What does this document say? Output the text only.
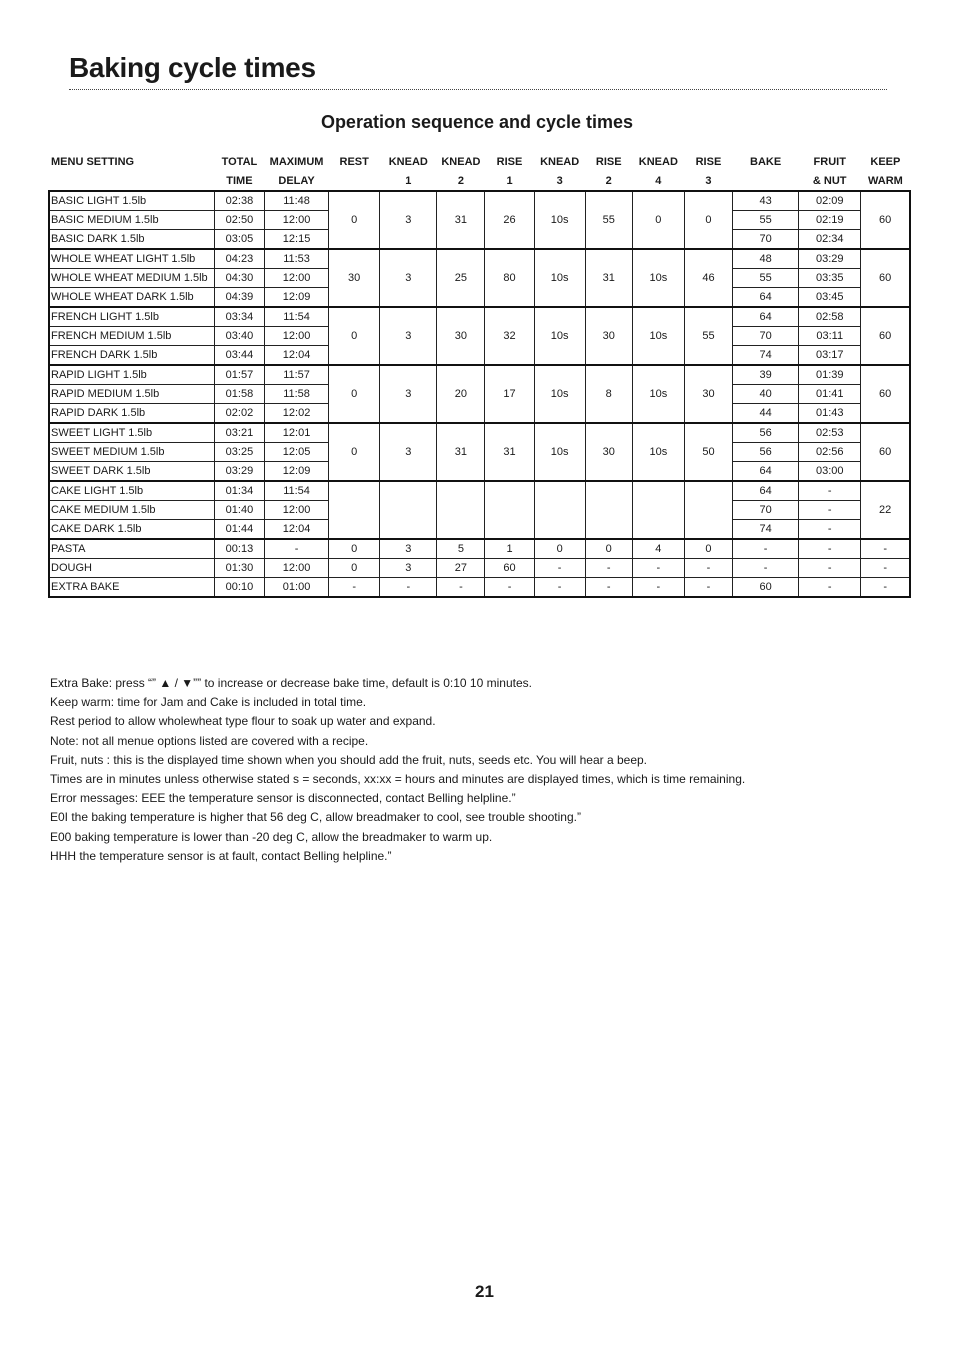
Baking cycle times
Operation sequence and cycle times
MENU SETTING	TOTAL	MAXIMUM	REST	KNEAD	KNEAD	RISE	KNEAD	RISE	KNEAD	RISE	BAKE	FRUIT	KEEP
	TIME	DELAY		1	2	1	3	2	4	3		& NUT	WARM
BASIC LIGHT 1.5lb	02:38	11:48	0	3	31	26	10s	55	0	0	43	02:09	60
BASIC MEDIUM 1.5lb	02:50	12:00									55	02:19	
BASIC DARK 1.5lb	03:05	12:15									70	02:34	
WHOLE WHEAT LIGHT 1.5lb	04:23	11:53	30	3	25	80	10s	31	10s	46	48	03:29	60
WHOLE WHEAT MEDIUM 1.5lb	04:30	12:00									55	03:35	
WHOLE WHEAT DARK 1.5lb	04:39	12:09									64	03:45	
FRENCH LIGHT 1.5lb	03:34	11:54	0	3	30	32	10s	30	10s	55	64	02:58	60
FRENCH MEDIUM 1.5lb	03:40	12:00									70	03:11	
FRENCH DARK 1.5lb	03:44	12:04									74	03:17	
RAPID LIGHT 1.5lb	01:57	11:57	0	3	20	17	10s	8	10s	30	39	01:39	60
RAPID MEDIUM 1.5lb	01:58	11:58									40	01:41	
RAPID DARK 1.5lb	02:02	12:02									44	01:43	
SWEET LIGHT 1.5lb	03:21	12:01	0	3	31	31	10s	30	10s	50	56	02:53	60
SWEET MEDIUM 1.5lb	03:25	12:05									56	02:56	
SWEET DARK 1.5lb	03:29	12:09									64	03:00	
CAKE LIGHT 1.5lb	01:34	11:54									64	-	22
CAKE MEDIUM 1.5lb	01:40	12:00									70	-	
CAKE DARK 1.5lb	01:44	12:04									74	-	
PASTA	00:13	-	0	3	5	1	0	0	4	0	-	-	-
DOUGH	01:30	12:00	0	3	27	60	-	-	-	-	-	-	-
EXTRA BAKE	00:10	01:00	-	-	-	-	-	-	-	-	60	-	-

Extra Bake: press “” ▲ / ▼”” to increase or decrease bake time, default is 0:10 10 minutes.

Keep warm: time for Jam and Cake is included in total time.

Rest period to allow wholewheat type flour to soak up water and expand.

Note: not all menue options listed are covered with a recipe.

Fruit, nuts : this is the displayed time shown when you should add the fruit, nuts, seeds etc. You will hear a beep.

Times are in minutes unless otherwise stated s = seconds, xx:xx = hours and minutes are displayed times, which is time remaining.

Error messages: EEE the temperature sensor is disconnected, contact Belling helpline.”

E0I the baking temperature is higher that 56 deg C, allow breadmaker to cool, see trouble shooting.”

E00 baking temperature is lower than -20 deg C, allow the breadmaker to warm up.

HHH the temperature sensor is at fault, contact Belling helpline.”

21
